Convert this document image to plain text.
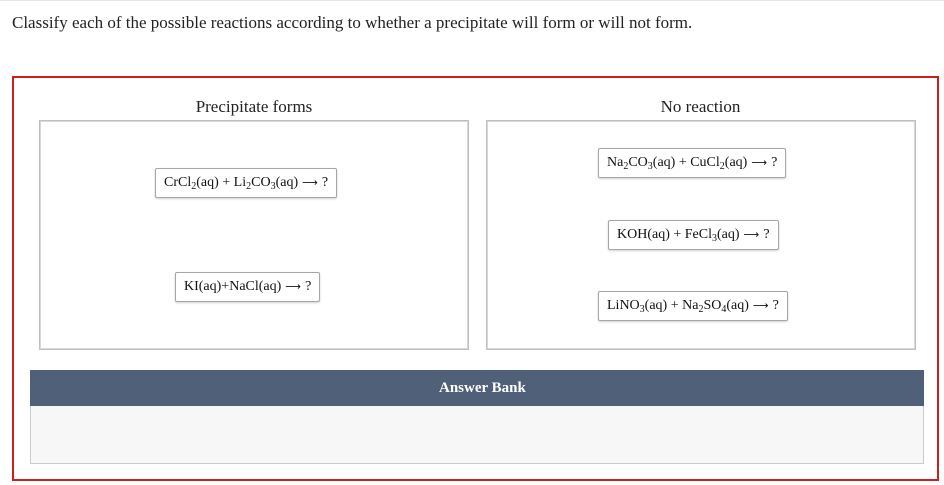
Classify each of the possible reactions according to whether a precipitate will form or will not form.
Precipitate forms	No reaction
CrCl$_2$(aq) + $Li_2CO_3(aq)$ ⟶ ?
KI(aq)+NaCl(aq) ⟶ ?
$Na_2CO_3(aq)$ + CuCl$_2$(aq) ⟶ ?
KOH(aq) + FeCl$_3$(aq) ⟶ ?
LiNO$_3$(aq) + $Na_2SO_4(aq)$ ⟶ ?
Answer Bank
